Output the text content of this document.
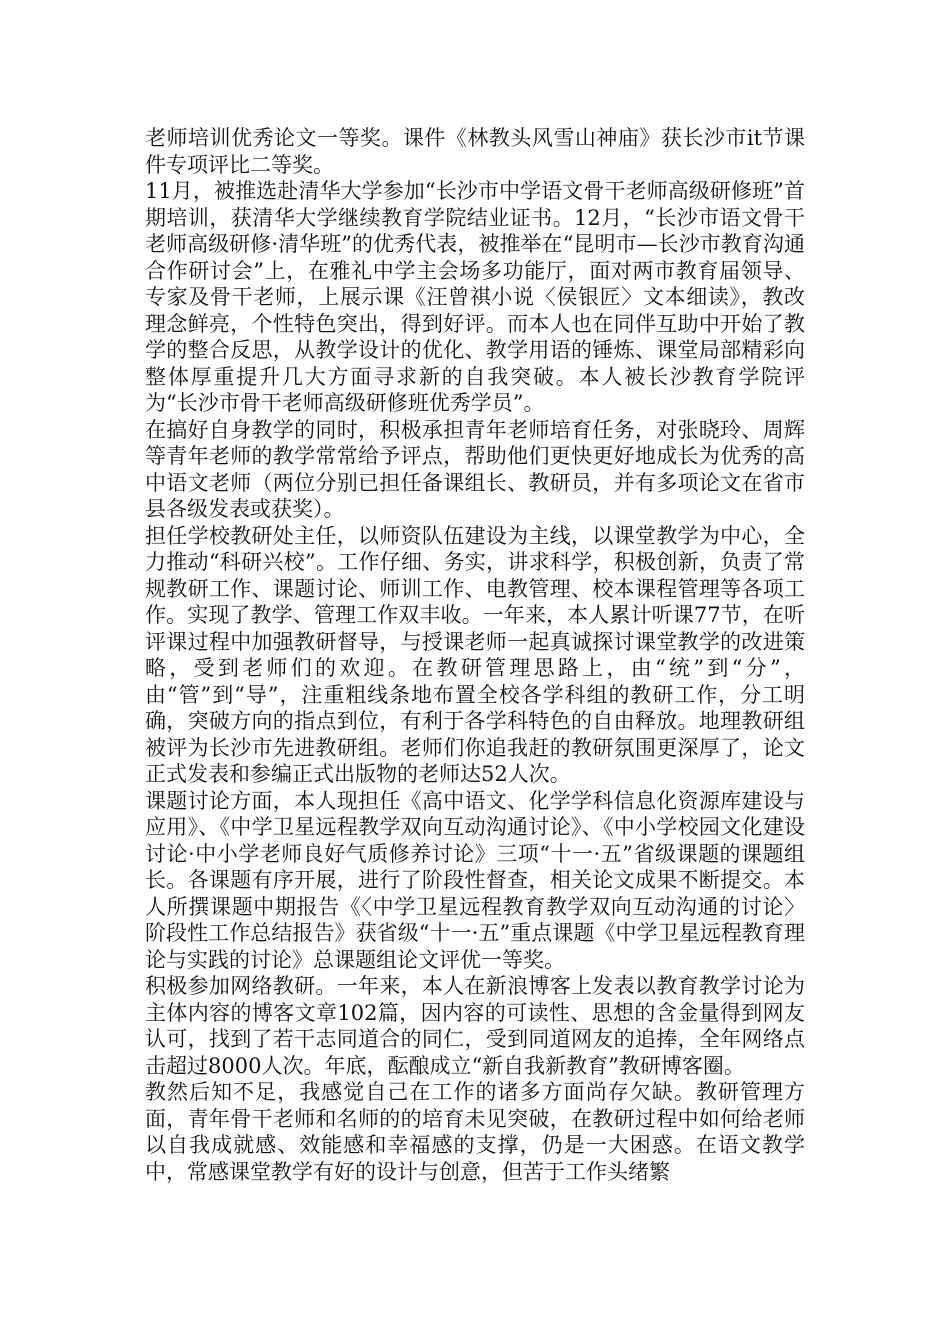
老师培训优秀论文一等奖。课件《林教头风雪山神庙》获长沙市it节课件专项评比二等奖。

11月，被推选赴清华大学参加“长沙市中学语文骨干老师高级研修班”首期培训，获清华大学继续教育学院结业证书。12月，“长沙市语文骨干老师高级研修·清华班”的优秀代表，被推举在“昆明市—长沙市教育沟通合作研讨会”上，在雅礼中学主会场多功能厅，面对两市教育届领导、专家及骨干老师，上展示课《汪曾祺小说〈侯银匠〉文本细读》，教改理念鲜亮，个性特色突出，得到好评。而本人也在同伴互助中开始了教学的整合反思，从教学设计的优化、教学用语的锤炼、课堂局部精彩向整体厚重提升几大方面寻求新的自我突破。本人被长沙教育学院评为“长沙市骨干老师高级研修班优秀学员”。

在搞好自身教学的同时，积极承担青年老师培育任务，对张晓玲、周辉等青年老师的教学常常给予评点，帮助他们更快更好地成长为优秀的高中语文老师（两位分别已担任备课组长、教研员，并有多项论文在省市县各级发表或获奖）。

担任学校教研处主任，以师资队伍建设为主线，以课堂教学为中心，全力推动“科研兴校”。工作仔细、务实，讲求科学，积极创新，负责了常规教研工作、课题讨论、师训工作、电教管理、校本课程管理等各项工作。实现了教学、管理工作双丰收。一年来，本人累计听课77节，在听评课过程中加强教研督导，与授课老师一起真诚探讨课堂教学的改进策略，受到老师们的欢迎。在教研管理思路上，由“统”到“分”，由“管”到“导”，注重粗线条地布置全校各学科组的教研工作，分工明确，突破方向的指点到位，有利于各学科特色的自由释放。地理教研组被评为长沙市先进教研组。老师们你追我赶的教研氛围更深厚了，论文正式发表和参编正式出版物的老师达52人次。

课题讨论方面，本人现担任《高中语文、化学学科信息化资源库建设与应用》、《中学卫星远程教学双向互动沟通讨论》、《中小学校园文化建设讨论·中小学老师良好气质修养讨论》三项“十一·五”省级课题的课题组长。各课题有序开展，进行了阶段性督查，相关论文成果不断提交。本人所撰课题中期报告《〈中学卫星远程教育教学双向互动沟通的讨论〉阶段性工作总结报告》获省级“十一·五”重点课题《中学卫星远程教育理论与实践的讨论》总课题组论文评优一等奖。

积极参加网络教研。一年来，本人在新浪博客上发表以教育教学讨论为主体内容的博客文章102篇，因内容的可读性、思想的含金量得到网友认可，找到了若干志同道合的同仁，受到同道网友的追捧，全年网络点击超过8000人次。年底，酝酿成立“新自我新教育”教研博客圈。

教然后知不足，我感觉自己在工作的诸多方面尚存欠缺。教研管理方面，青年骨干老师和名师的的培育未见突破，在教研过程中如何给老师以自我成就感、效能感和幸福感的支撑，仍是一大困惑。在语文教学中，常感课堂教学有好的设计与创意，但苦于工作头绪繁
